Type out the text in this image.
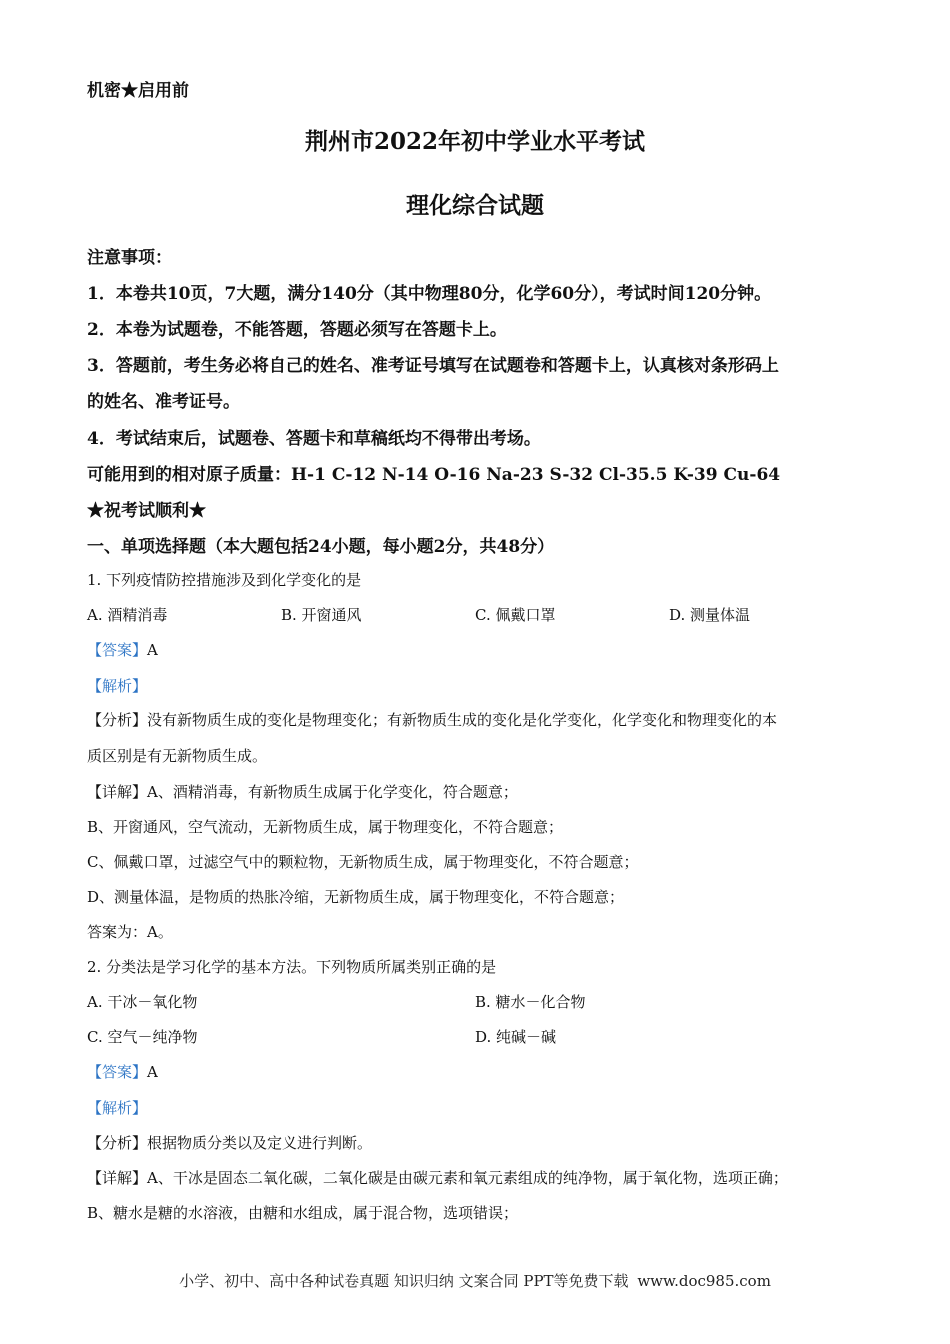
机密★启用前
荆州市2022年初中学业水平考试
理化综合试题
注意事项：
1．本卷共10页，7大题，满分140分（其中物理80分，化学60分），考试时间120分钟。
2．本卷为试题卷，不能答题，答题必须写在答题卡上。
3．答题前，考生务必将自己的姓名、准考证号填写在试题卷和答题卡上，认真核对条形码上
的姓名、准考证号。
4．考试结束后，试题卷、答题卡和草稿纸均不得带出考场。
可能用到的相对原子质量：H-1 C-12 N-14 O-16 Na-23 S-32 Cl-35.5 K-39 Cu-64
★祝考试顺利★
一、单项选择题（本大题包括24小题，每小题2分，共48分）
1. 下列疫情防控措施涉及到化学变化的是
A. 酒精消毒	B. 开窗通风	C. 佩戴口罩	D. 测量体温
【答案】A
【解析】
【分析】没有新物质生成的变化是物理变化；有新物质生成的变化是化学变化，化学变化和物理变化的本
质区别是有无新物质生成。
【详解】A、酒精消毒，有新物质生成属于化学变化，符合题意；
B、开窗通风，空气流动，无新物质生成，属于物理变化，不符合题意；
C、佩戴口罩，过滤空气中的颗粒物，无新物质生成，属于物理变化，不符合题意；
D、测量体温，是物质的热胀冷缩，无新物质生成，属于物理变化，不符合题意；
答案为：A。
2. 分类法是学习化学的基本方法。下列物质所属类别正确的是
A. 干冰－氧化物	B. 糖水－化合物
C. 空气－纯净物	D. 纯碱－碱
【答案】A
【解析】
【分析】根据物质分类以及定义进行判断。
【详解】A、干冰是固态二氧化碳，二氧化碳是由碳元素和氧元素组成的纯净物，属于氧化物，选项正确；
B、糖水是糖的水溶液，由糖和水组成，属于混合物，选项错误；
小学、初中、高中各种试卷真题 知识归纳 文案合同 PPT等免费下载 www.doc985.com
